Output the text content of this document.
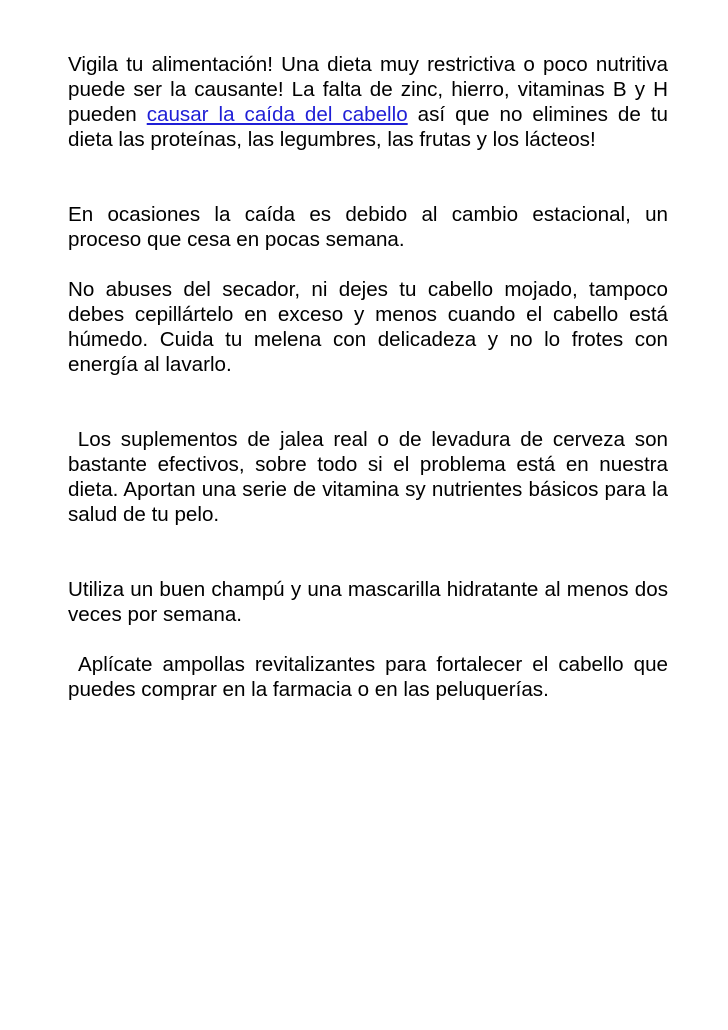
Vigila tu alimentación! Una dieta muy restrictiva o poco nutritiva puede ser la causante! La falta de zinc, hierro, vitaminas B y H pueden causar la caída del cabello así que no elimines de tu dieta las proteínas, las legumbres, las frutas y los lácteos!

En ocasiones la caída es debido al cambio estacional, un proceso que cesa en pocas semana.

No abuses del secador, ni dejes tu cabello mojado, tampoco debes cepillártelo en exceso y menos cuando el cabello está húmedo. Cuida tu melena con delicadeza y no lo frotes con energía al lavarlo.

Los suplementos de jalea real o de levadura de cerveza son bastante efectivos, sobre todo si el problema está en nuestra dieta. Aportan una serie de vitamina sy nutrientes básicos para la salud de tu pelo.

Utiliza un buen champú y una mascarilla hidratante al menos dos veces por semana.

Aplícate ampollas revitalizantes para fortalecer el cabello que puedes comprar en la farmacia o en las peluquerías.
